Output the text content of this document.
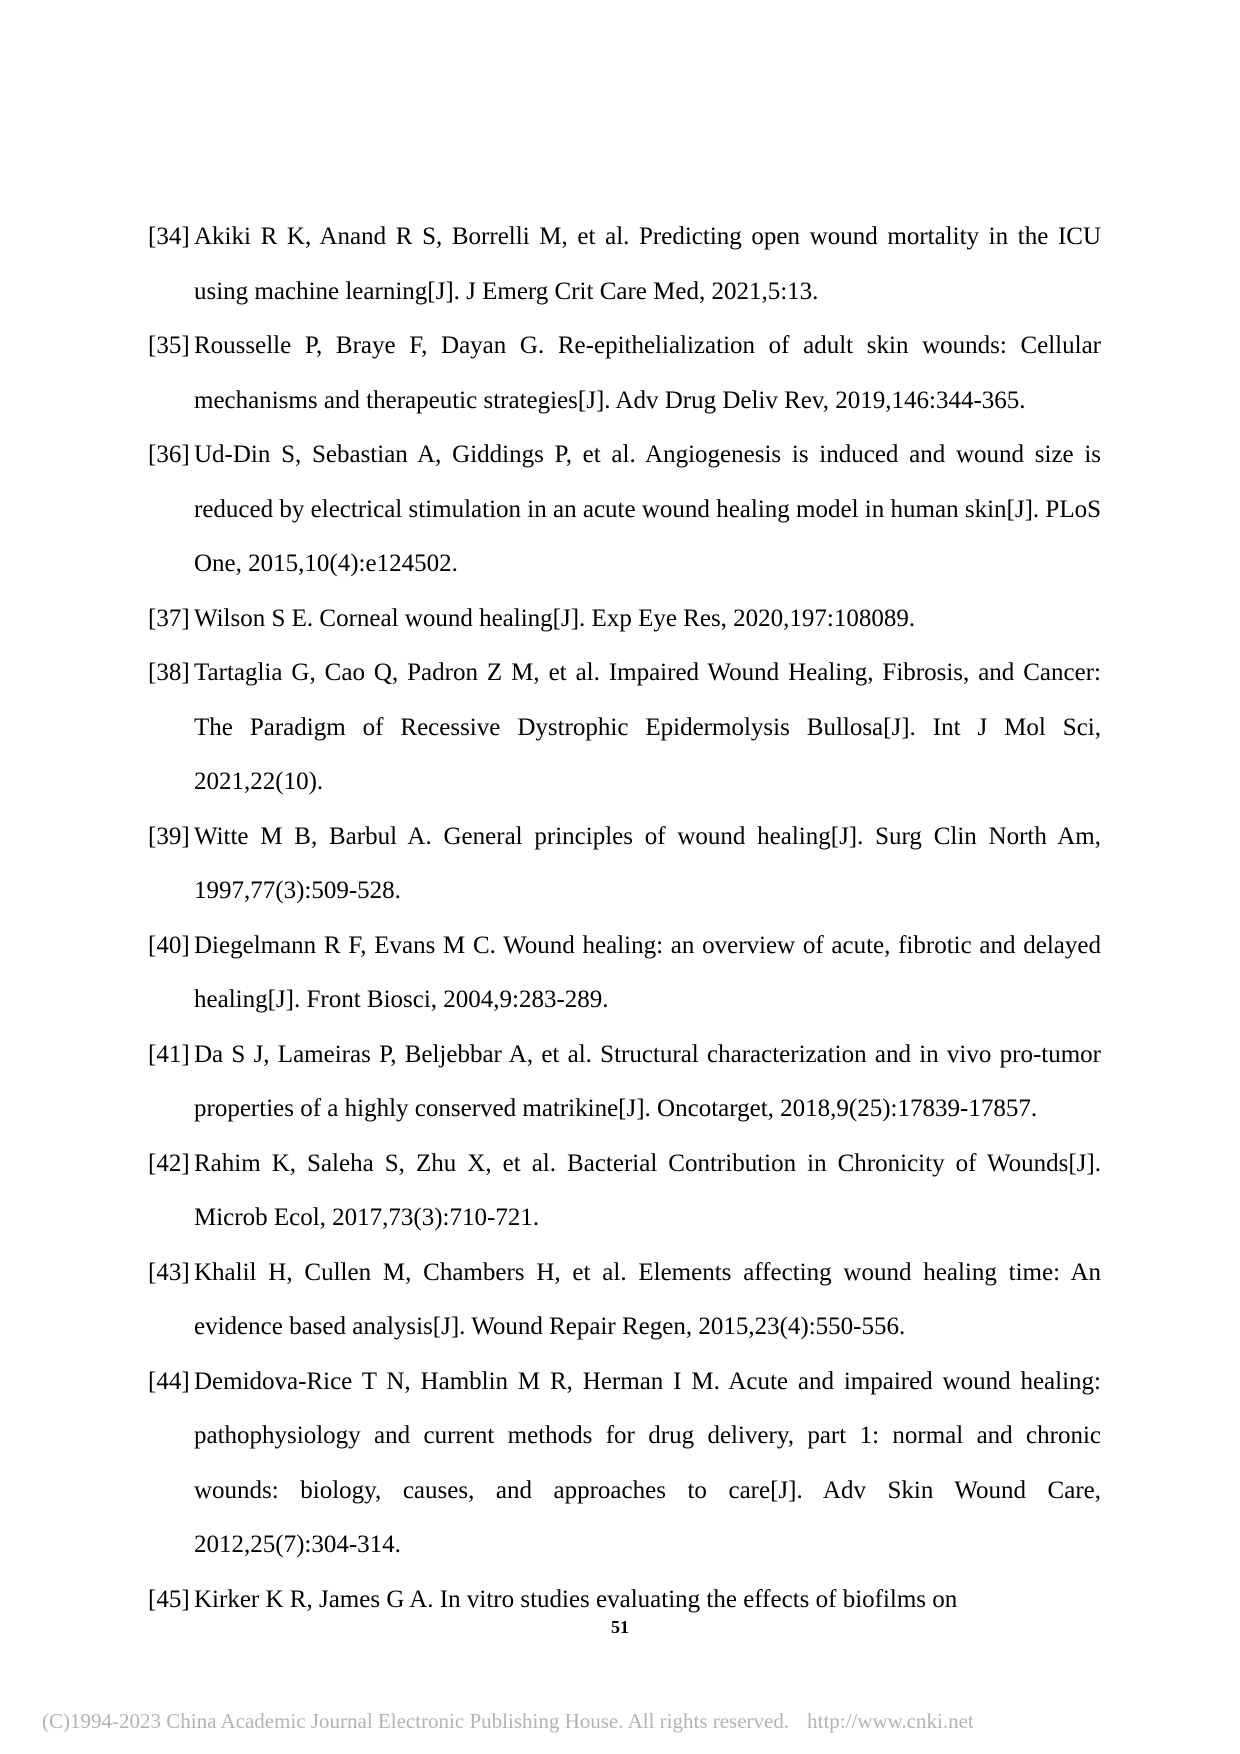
[34] Akiki R K, Anand R S, Borrelli M, et al. Predicting open wound mortality in the ICU using machine learning[J]. J Emerg Crit Care Med, 2021,5:13.
[35] Rousselle P, Braye F, Dayan G. Re-epithelialization of adult skin wounds: Cellular mechanisms and therapeutic strategies[J]. Adv Drug Deliv Rev, 2019,146:344-365.
[36] Ud-Din S, Sebastian A, Giddings P, et al. Angiogenesis is induced and wound size is reduced by electrical stimulation in an acute wound healing model in human skin[J]. PLoS One, 2015,10(4):e124502.
[37] Wilson S E. Corneal wound healing[J]. Exp Eye Res, 2020,197:108089.
[38] Tartaglia G, Cao Q, Padron Z M, et al. Impaired Wound Healing, Fibrosis, and Cancer: The Paradigm of Recessive Dystrophic Epidermolysis Bullosa[J]. Int J Mol Sci, 2021,22(10).
[39] Witte M B, Barbul A. General principles of wound healing[J]. Surg Clin North Am, 1997,77(3):509-528.
[40] Diegelmann R F, Evans M C. Wound healing: an overview of acute, fibrotic and delayed healing[J]. Front Biosci, 2004,9:283-289.
[41] Da S J, Lameiras P, Beljebbar A, et al. Structural characterization and in vivo pro-tumor properties of a highly conserved matrikine[J]. Oncotarget, 2018,9(25):17839-17857.
[42] Rahim K, Saleha S, Zhu X, et al. Bacterial Contribution in Chronicity of Wounds[J]. Microb Ecol, 2017,73(3):710-721.
[43] Khalil H, Cullen M, Chambers H, et al. Elements affecting wound healing time: An evidence based analysis[J]. Wound Repair Regen, 2015,23(4):550-556.
[44] Demidova-Rice T N, Hamblin M R, Herman I M. Acute and impaired wound healing: pathophysiology and current methods for drug delivery, part 1: normal and chronic wounds: biology, causes, and approaches to care[J]. Adv Skin Wound Care, 2012,25(7):304-314.
[45] Kirker K R, James G A. In vitro studies evaluating the effects of biofilms on
51
(C)1994-2023 China Academic Journal Electronic Publishing House. All rights reserved. http://www.cnki.net
